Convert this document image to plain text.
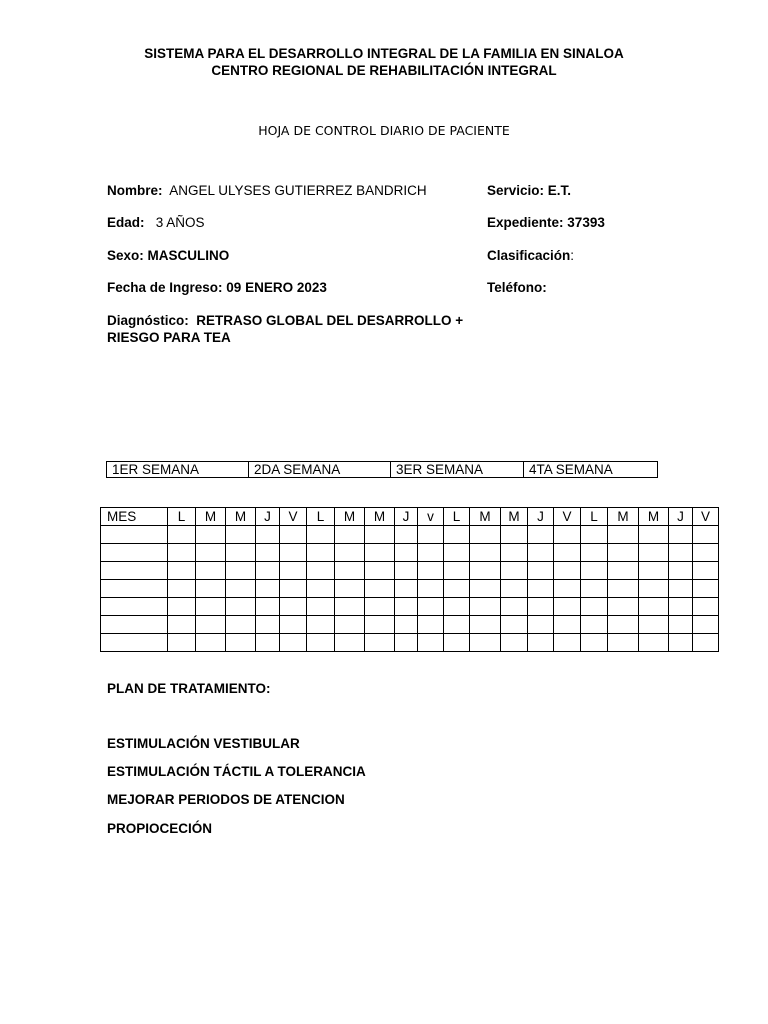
SISTEMA PARA EL DESARROLLO INTEGRAL DE LA FAMILIA EN SINALOA
CENTRO REGIONAL DE REHABILITACIÓN INTEGRAL
HOJA DE CONTROL DIARIO DE PACIENTE
Nombre: ANGEL ULYSES GUTIERREZ BANDRICH
Edad: 3 AÑOS
Sexo: MASCULINO
Fecha de Ingreso: 09 ENERO 2023
Diagnóstico: RETRASO GLOBAL DEL DESARROLLO +
RIESGO PARA TEA
Servicio: E.T.
Expediente: 37393
Clasificación:
Teléfono:
1ER SEMANA	2DA SEMANA	3ER SEMANA	4TA SEMANA
MES	L	M	M	J	V	L	M	M	J	v	L	M	M	J	V	L	M	M	J	V

PLAN DE TRATAMIENTO:
ESTIMULACIÓN VESTIBULAR
ESTIMULACIÓN TÁCTIL A TOLERANCIA
MEJORAR PERIODOS DE ATENCION
PROPIOCECIÓN
